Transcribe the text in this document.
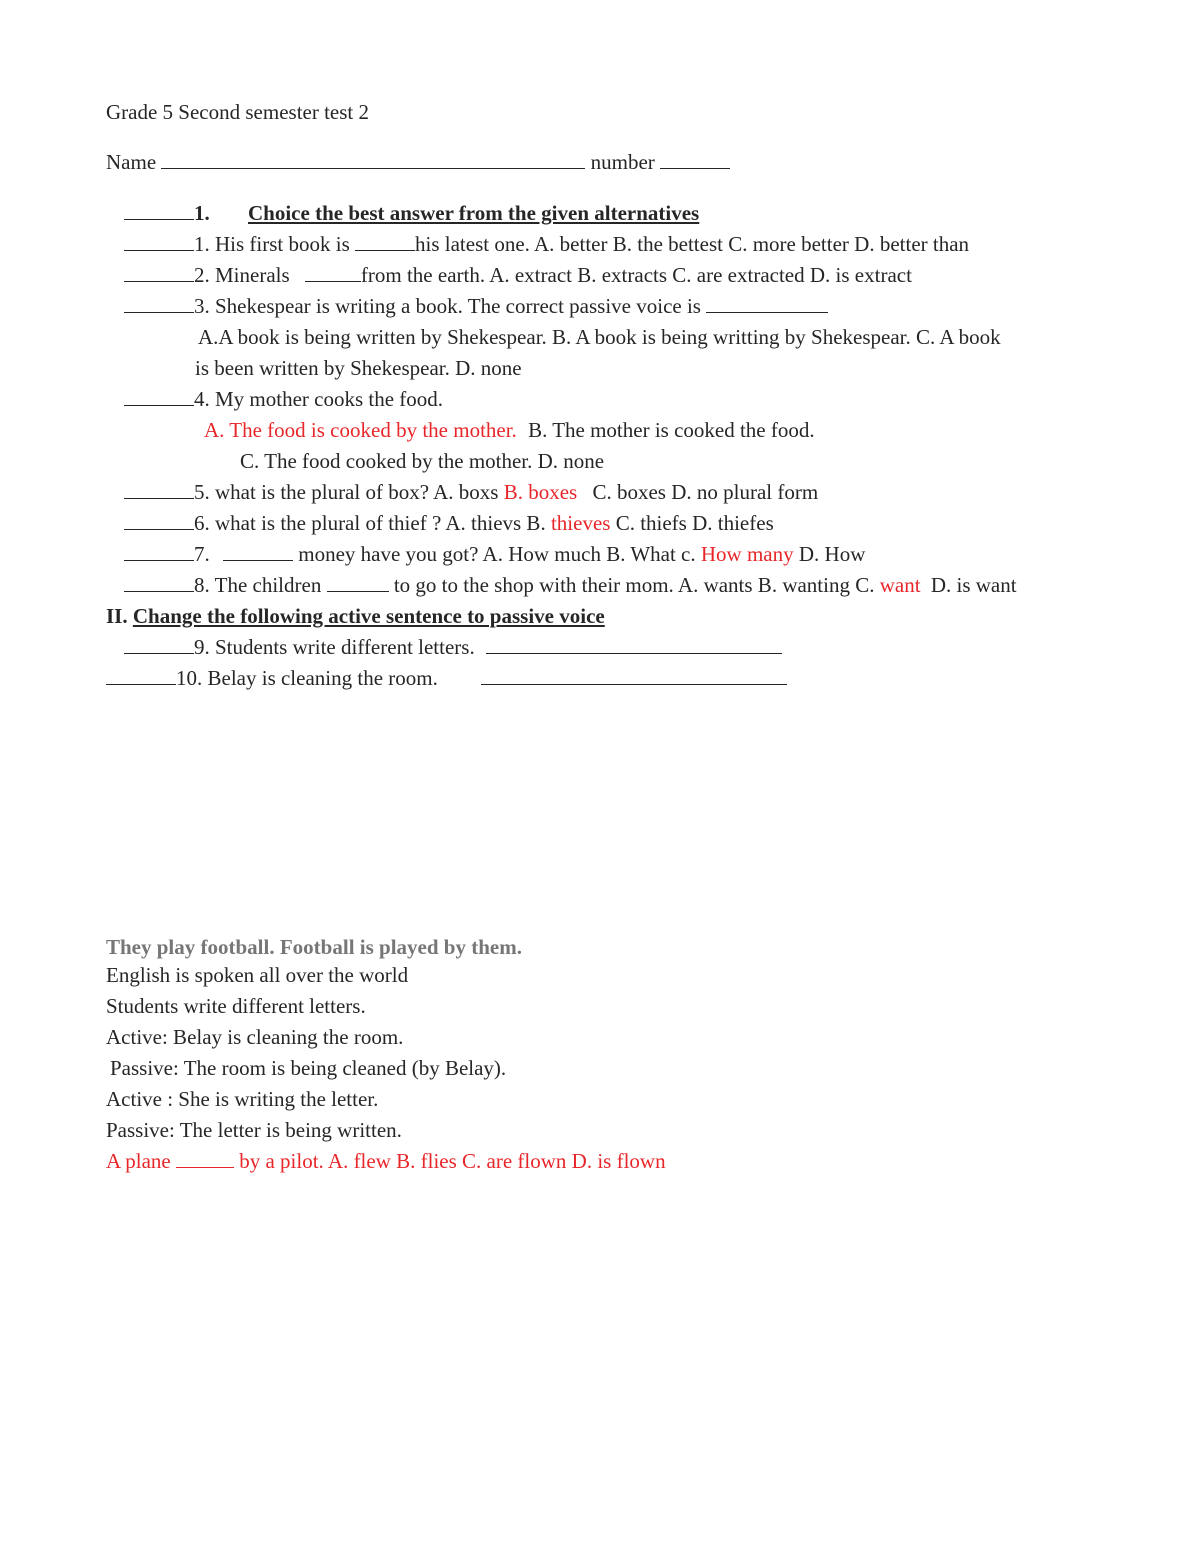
Grade 5 Second semester test 2
Name	number
1. Choice the best answer from the given alternatives
1. His first book is	his latest one. A. better B. the bettest C. more better D. better than
2. Minerals	from the earth. A. extract B. extracts C. are extracted D. is extract
3. Shekespear is writing a book. The correct passive voice is
A.A book is being written by Shekespear. B. A book is being writting by Shekespear. C. A book
is been written by Shekespear. D. none
4. My mother cooks the food.
A. The food is cooked by the mother. B. The mother is cooked the food.
C. The food cooked by the mother. D. none
5. what is the plural of box? A. boxs B. boxes C. boxes D. no plural form
6. what is the plural of thief ? A. thievs B. thieves C. thiefs D. thiefes
7.	money have you got? A. How much B. What c. How many D. How
8. The children	to go to the shop with their mom. A. wants B. wanting C. want D. is want
II. Change the following active sentence to passive voice
9. Students write different letters.
10. Belay is cleaning the room.
They play football. Football is played by them.
English is spoken all over the world
Students write different letters.
Active: Belay is cleaning the room.
Passive: The room is being cleaned (by Belay).
Active : She is writing the letter.
Passive: The letter is being written.
A plane	by a pilot. A. flew B. flies C. are flown D. is flown
